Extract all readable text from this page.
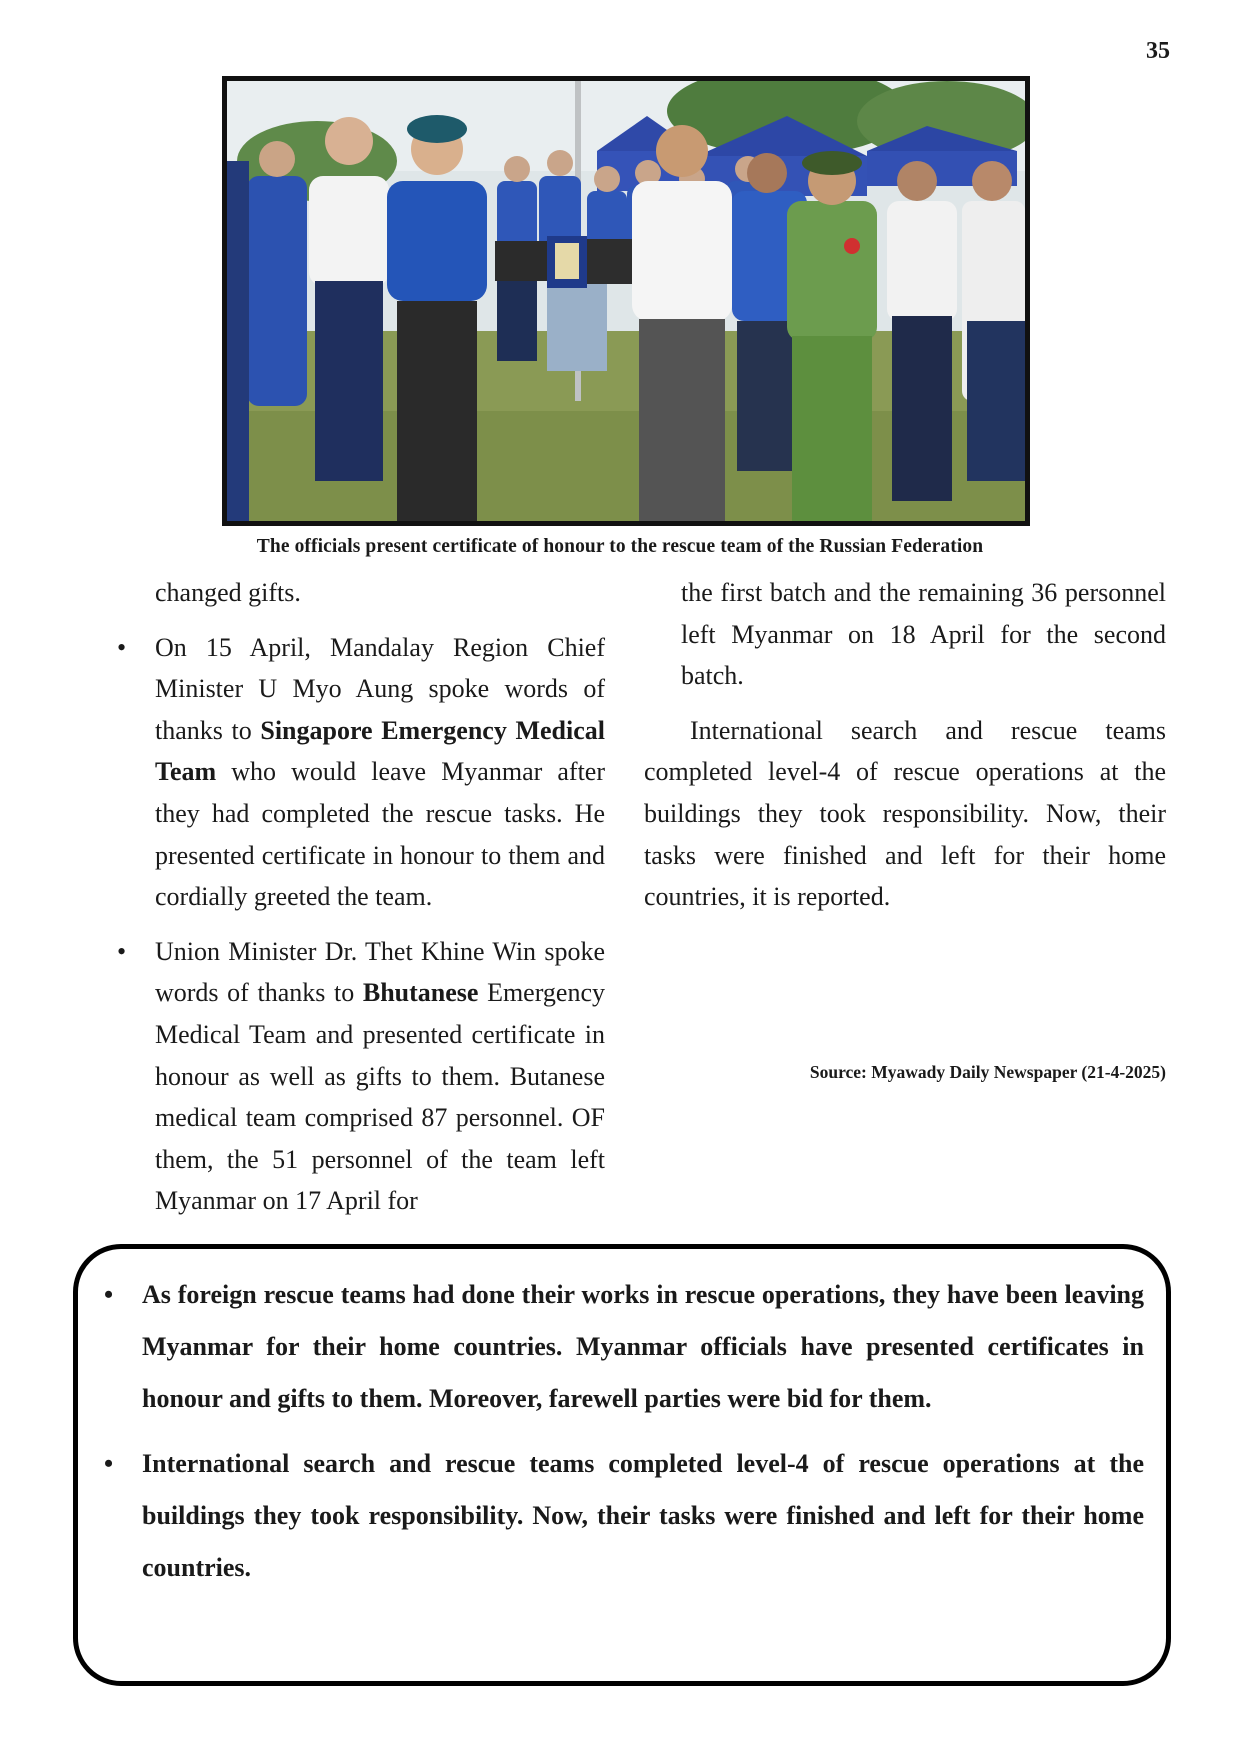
35
The officials present certificate of honour to the rescue team of the Russian Federation

changed gifts.

• On 15 April, Mandalay Region Chief Minister U Myo Aung spoke words of thanks to Singapore Emergency Medical Team who would leave Myanmar after they had completed the rescue tasks. He presented certificate in honour to them and cordially greeted the team.
• Union Minister Dr. Thet Khine Win spoke words of thanks to Bhutanese Emergency Medical Team and presented certificate in honour as well as gifts to them. Butanese medical team comprised 87 personnel. OF them, the 51 personnel of the team left Myanmar on 17 April for

the first batch and the remaining 36 personnel left Myanmar on 18 April for the second batch.

International search and rescue teams completed level-4 of rescue operations at the buildings they took responsibility. Now, their tasks were finished and left for their home countries, it is reported.

Source: Myawady Daily Newspaper (21-4-2025)
• As foreign rescue teams had done their works in rescue operations, they have been leaving Myanmar for their home countries. Myanmar officials have presented certificates in honour and gifts to them. Moreover, farewell parties were bid for them.
• International search and rescue teams completed level-4 of rescue operations at the buildings they took responsibility. Now, their tasks were finished and left for their home countries.
